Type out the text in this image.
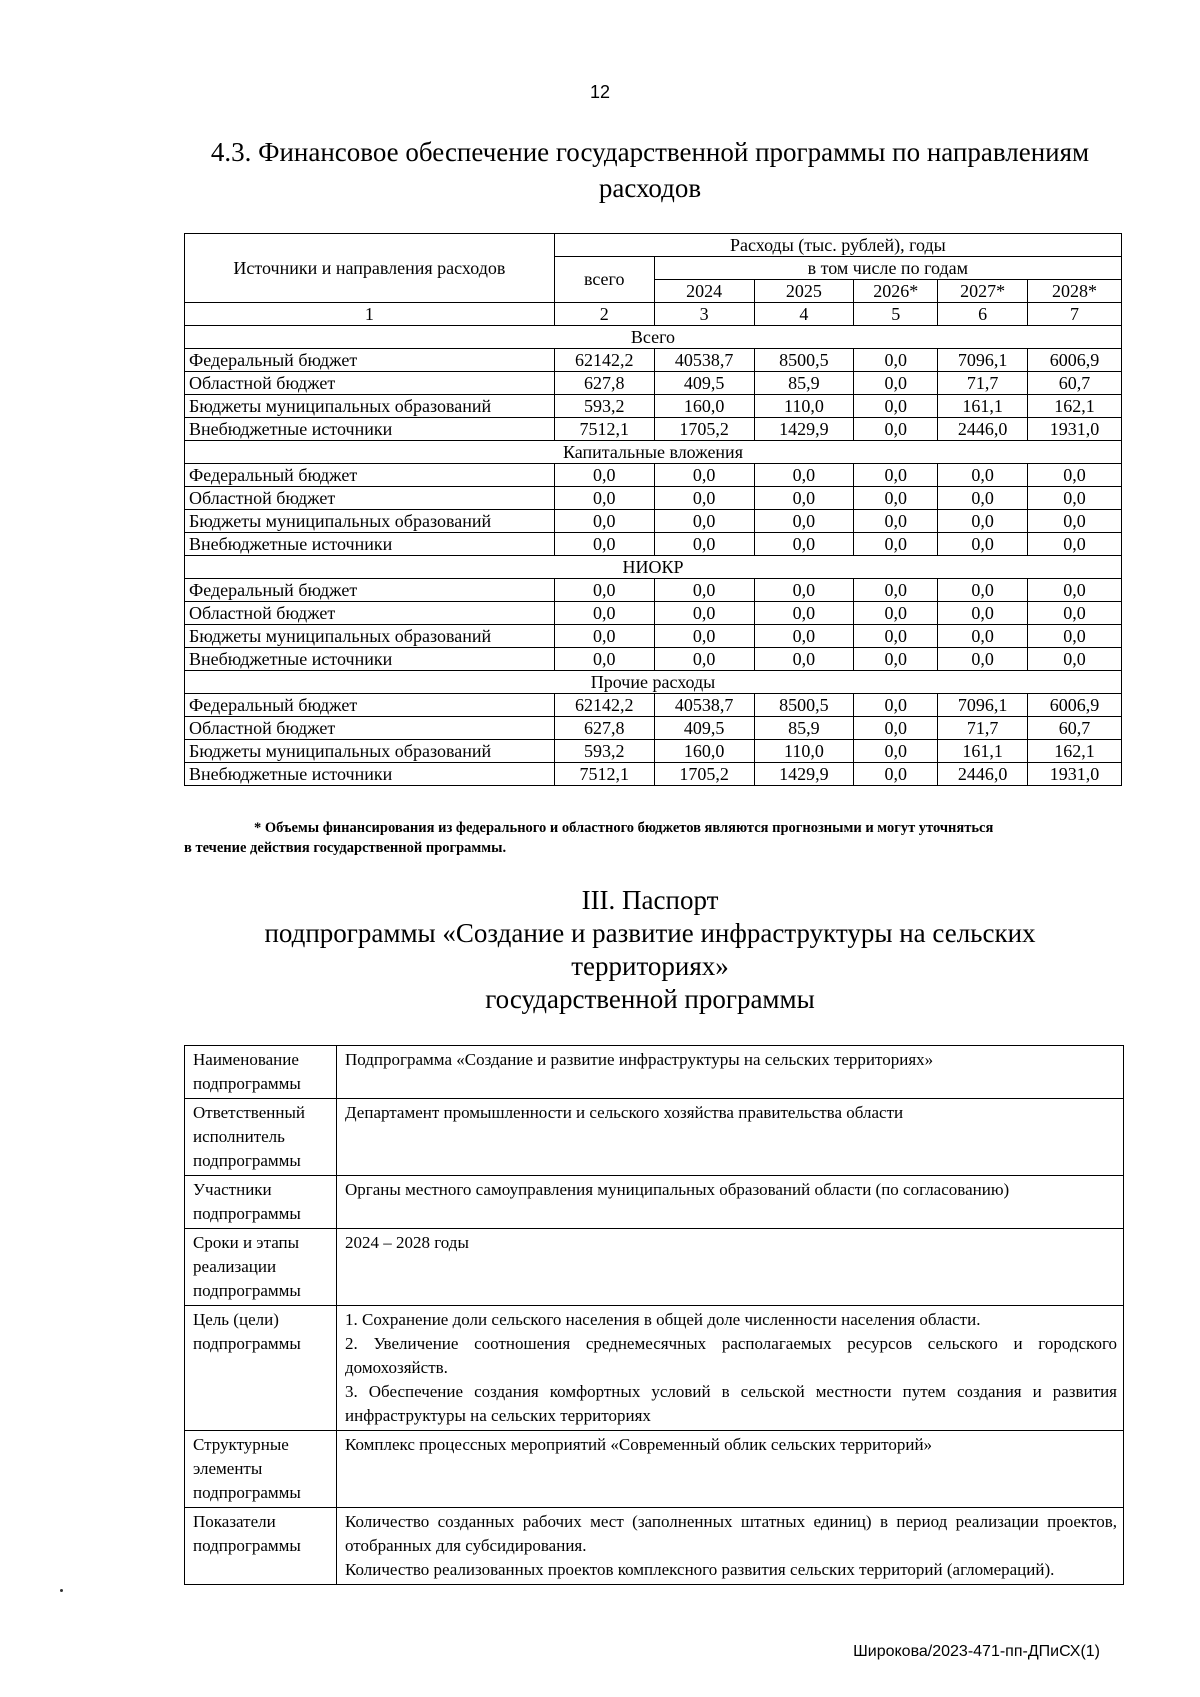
12
4.3. Финансовое обеспечение государственной программы по направлениям
расходов
Источники и направления расходов	Расходы (тыс. рублей), годы					
	всего	в том числе по годам				
		2024	2025	2026*	2027*	2028*
1	2	3	4	5	6	7
Всего						
Федеральный бюджет	62142,2	40538,7	8500,5	0,0	7096,1	6006,9
Областной бюджет	627,8	409,5	85,9	0,0	71,7	60,7
Бюджеты муниципальных образований	593,2	160,0	110,0	0,0	161,1	162,1
Внебюджетные источники	7512,1	1705,2	1429,9	0,0	2446,0	1931,0
Капитальные вложения						
Федеральный бюджет	0,0	0,0	0,0	0,0	0,0	0,0
Областной бюджет	0,0	0,0	0,0	0,0	0,0	0,0
Бюджеты муниципальных образований	0,0	0,0	0,0	0,0	0,0	0,0
Внебюджетные источники	0,0	0,0	0,0	0,0	0,0	0,0
НИОКР						
Федеральный бюджет	0,0	0,0	0,0	0,0	0,0	0,0
Областной бюджет	0,0	0,0	0,0	0,0	0,0	0,0
Бюджеты муниципальных образований	0,0	0,0	0,0	0,0	0,0	0,0
Внебюджетные источники	0,0	0,0	0,0	0,0	0,0	0,0
Прочие расходы						
Федеральный бюджет	62142,2	40538,7	8500,5	0,0	7096,1	6006,9
Областной бюджет	627,8	409,5	85,9	0,0	71,7	60,7
Бюджеты муниципальных образований	593,2	160,0	110,0	0,0	161,1	162,1
Внебюджетные источники	7512,1	1705,2	1429,9	0,0	2446,0	1931,0
* Объемы финансирования из федерального и областного бюджетов являются прогнозными и могут уточняться
в течение действия государственной программы.
III. Паспорт
подпрограммы «Создание и развитие инфраструктуры на сельских
территориях»
государственной программы
Наименование подпрограммы	Подпрограмма «Создание и развитие инфраструктуры на сельских территориях»

Ответственный исполнитель подпрограммы	Департамент промышленности и сельского хозяйства правительства области

Участники подпрограммы	Органы местного самоуправления муниципальных образований области (по согласованию)

Сроки и этапы реализации подпрограммы	2024 – 2028 годы

Цель (цели) подпрограммы	1. Сохранение доли сельского населения в общей доле численности населения области.
2. Увеличение соотношения среднемесячных располагаемых ресурсов сельского и городского домохозяйств.
3. Обеспечение создания комфортных условий в сельской местности путем создания и развития инфраструктуры на сельских территориях

Структурные элементы подпрограммы	Комплекс процессных мероприятий «Современный облик сельских территорий»

Показатели подпрограммы	Количество созданных рабочих мест (заполненных штатных единиц) в период реализации проектов, отобранных для субсидирования.
Количество реализованных проектов комплексного развития сельских территорий (агломераций).
Широкова/2023-471-пп-ДПиСХ(1)
